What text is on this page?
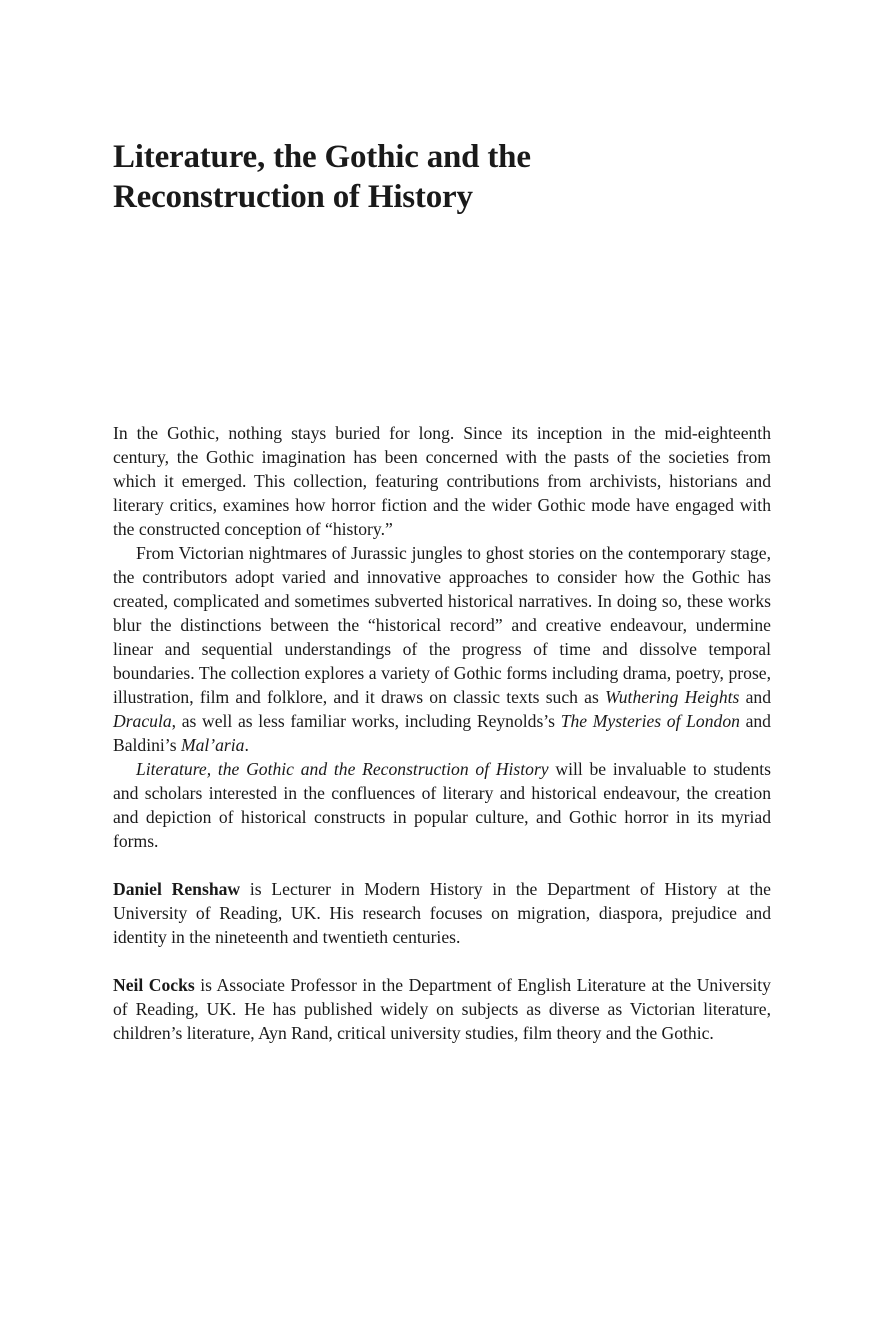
Literature, the Gothic and the
Reconstruction of History

In the Gothic, nothing stays buried for long. Since its inception in the mid-eighteenth century, the Gothic imagination has been concerned with the pasts of the societies from which it emerged. This collection, featuring contributions from archivists, historians and literary critics, examines how horror fiction and the wider Gothic mode have engaged with the constructed conception of “history.”

From Victorian nightmares of Jurassic jungles to ghost stories on the contemporary stage, the contributors adopt varied and innovative approaches to consider how the Gothic has created, complicated and sometimes subverted historical narratives. In doing so, these works blur the distinctions between the “historical record” and creative endeavour, undermine linear and sequential understandings of the progress of time and dissolve temporal boundaries. The collection explores a variety of Gothic forms including drama, poetry, prose, illustration, film and folklore, and it draws on classic texts such as Wuthering Heights and Dracula, as well as less familiar works, including Reynolds’s The Mysteries of London and Baldini’s Mal’aria.

Literature, the Gothic and the Reconstruction of History will be invaluable to students and scholars interested in the confluences of literary and historical endeavour, the creation and depiction of historical constructs in popular culture, and Gothic horror in its myriad forms.

Daniel Renshaw is Lecturer in Modern History in the Department of History at the University of Reading, UK. His research focuses on migration, diaspora, prejudice and identity in the nineteenth and twentieth centuries.

Neil Cocks is Associate Professor in the Department of English Literature at the University of Reading, UK. He has published widely on subjects as diverse as Victorian literature, children’s literature, Ayn Rand, critical university studies, film theory and the Gothic.
